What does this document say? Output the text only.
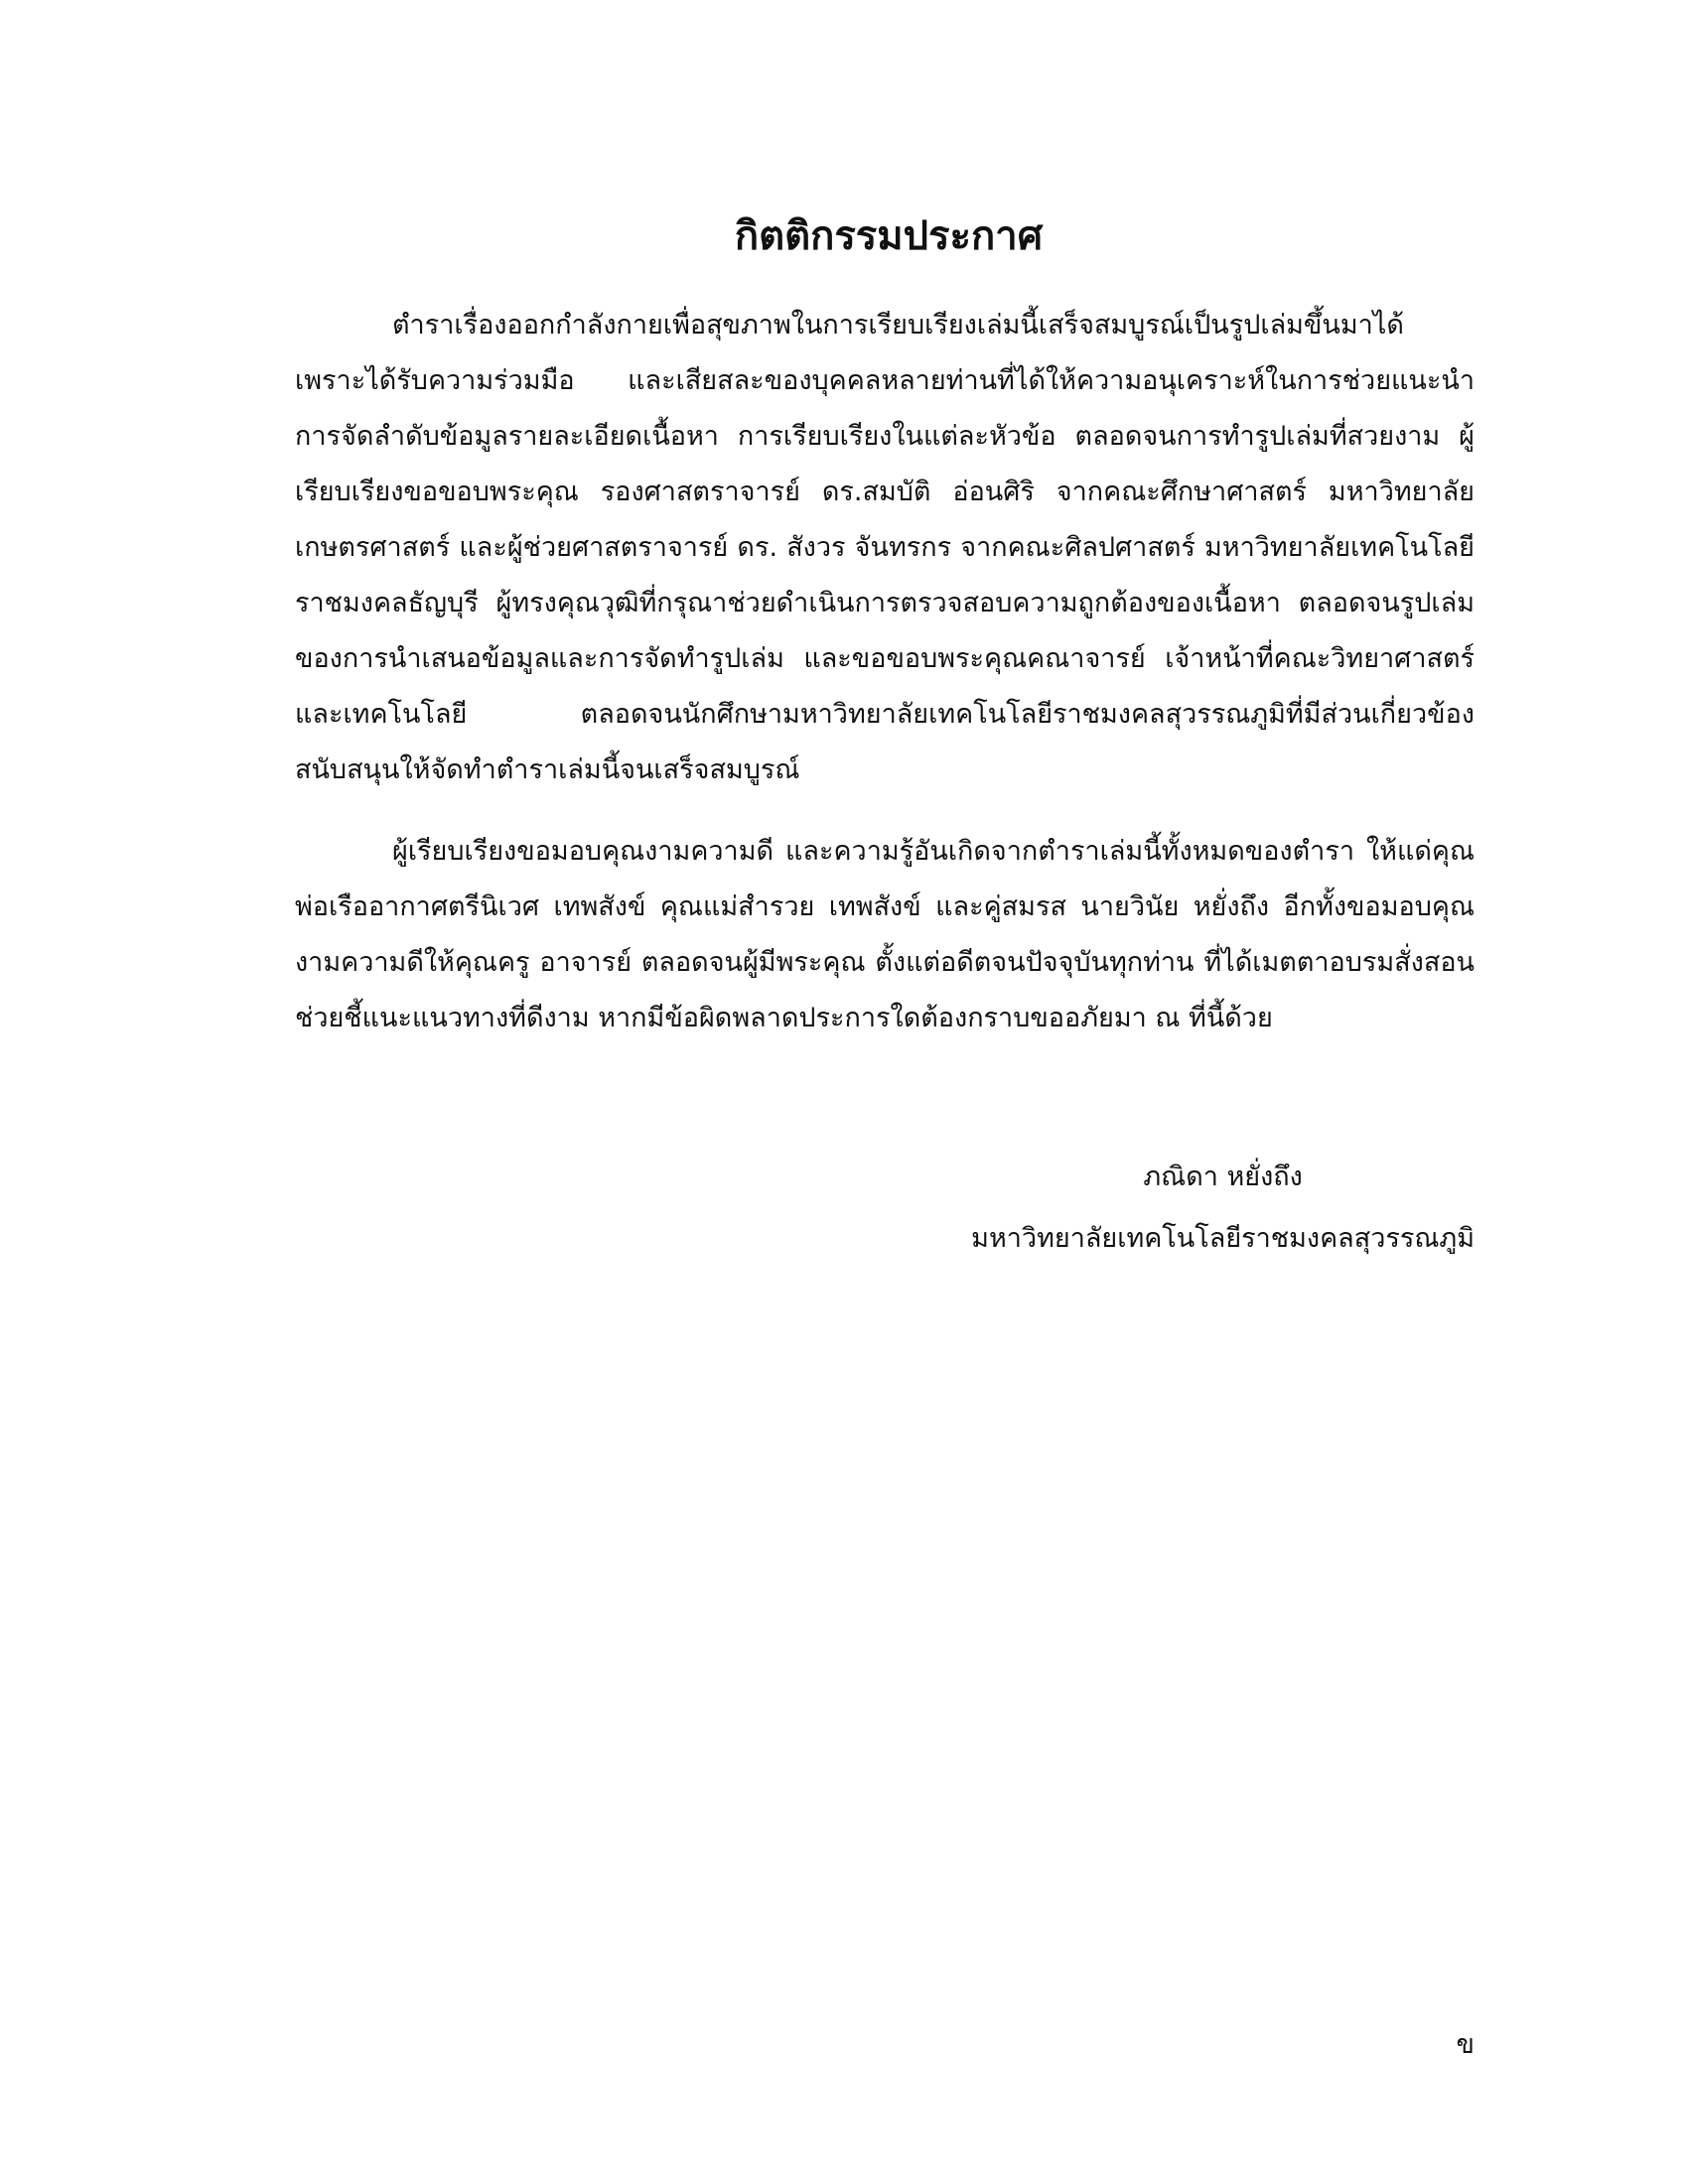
กิตติกรรมประกาศ

ตำราเรื่องออกกำลังกายเพื่อสุขภาพในการเรียบเรียงเล่มนี้เสร็จสมบูรณ์เป็นรูปเล่มขึ้นมาได้เพราะได้รับความร่วมมือ และเสียสละของบุคคลหลายท่านที่ได้ให้ความอนุเคราะห์ในการช่วยแนะนำ การจัดลำดับข้อมูลรายละเอียดเนื้อหา การเรียบเรียงในแต่ละหัวข้อ ตลอดจนการทำรูปเล่มที่สวยงาม ผู้เรียบเรียงขอขอบพระคุณ รองศาสตราจารย์ ดร.สมบัติ อ่อนศิริ จากคณะศึกษาศาสตร์ มหาวิทยาลัยเกษตรศาสตร์ และผู้ช่วยศาสตราจารย์ ดร. สังวร จันทรกร จากคณะศิลปศาสตร์ มหาวิทยาลัยเทคโนโลยีราชมงคลธัญบุรี ผู้ทรงคุณวุฒิที่กรุณาช่วยดำเนินการตรวจสอบความถูกต้องของเนื้อหา ตลอดจนรูปเล่มของการนำเสนอข้อมูลและการจัดทำรูปเล่ม และขอขอบพระคุณคณาจารย์ เจ้าหน้าที่คณะวิทยาศาสตร์และเทคโนโลยี ตลอดจนนักศึกษามหาวิทยาลัยเทคโนโลยีราชมงคลสุวรรณภูมิที่มีส่วนเกี่ยวข้อง สนับสนุนให้จัดทำตำราเล่มนี้จนเสร็จสมบูรณ์

ผู้เรียบเรียงขอมอบคุณงามความดี และความรู้อันเกิดจากตำราเล่มนี้ทั้งหมดของตำรา ให้แด่คุณพ่อเรืออากาศตรีนิเวศ เทพสังข์ คุณแม่สำรวย เทพสังข์ และคู่สมรส นายวินัย หยั่งถึง อีกทั้งขอมอบคุณงามความดีให้คุณครู อาจารย์ ตลอดจนผู้มีพระคุณ ตั้งแต่อดีตจนปัจจุบันทุกท่าน ที่ได้เมตตาอบรมสั่งสอนช่วยชี้แนะแนวทางที่ดีงาม หากมีข้อผิดพลาดประการใดต้องกราบขออภัยมา ณ ที่นี้ด้วย

ภณิดา หยั่งถึง
มหาวิทยาลัยเทคโนโลยีราชมงคลสุวรรณภูมิ
ข
